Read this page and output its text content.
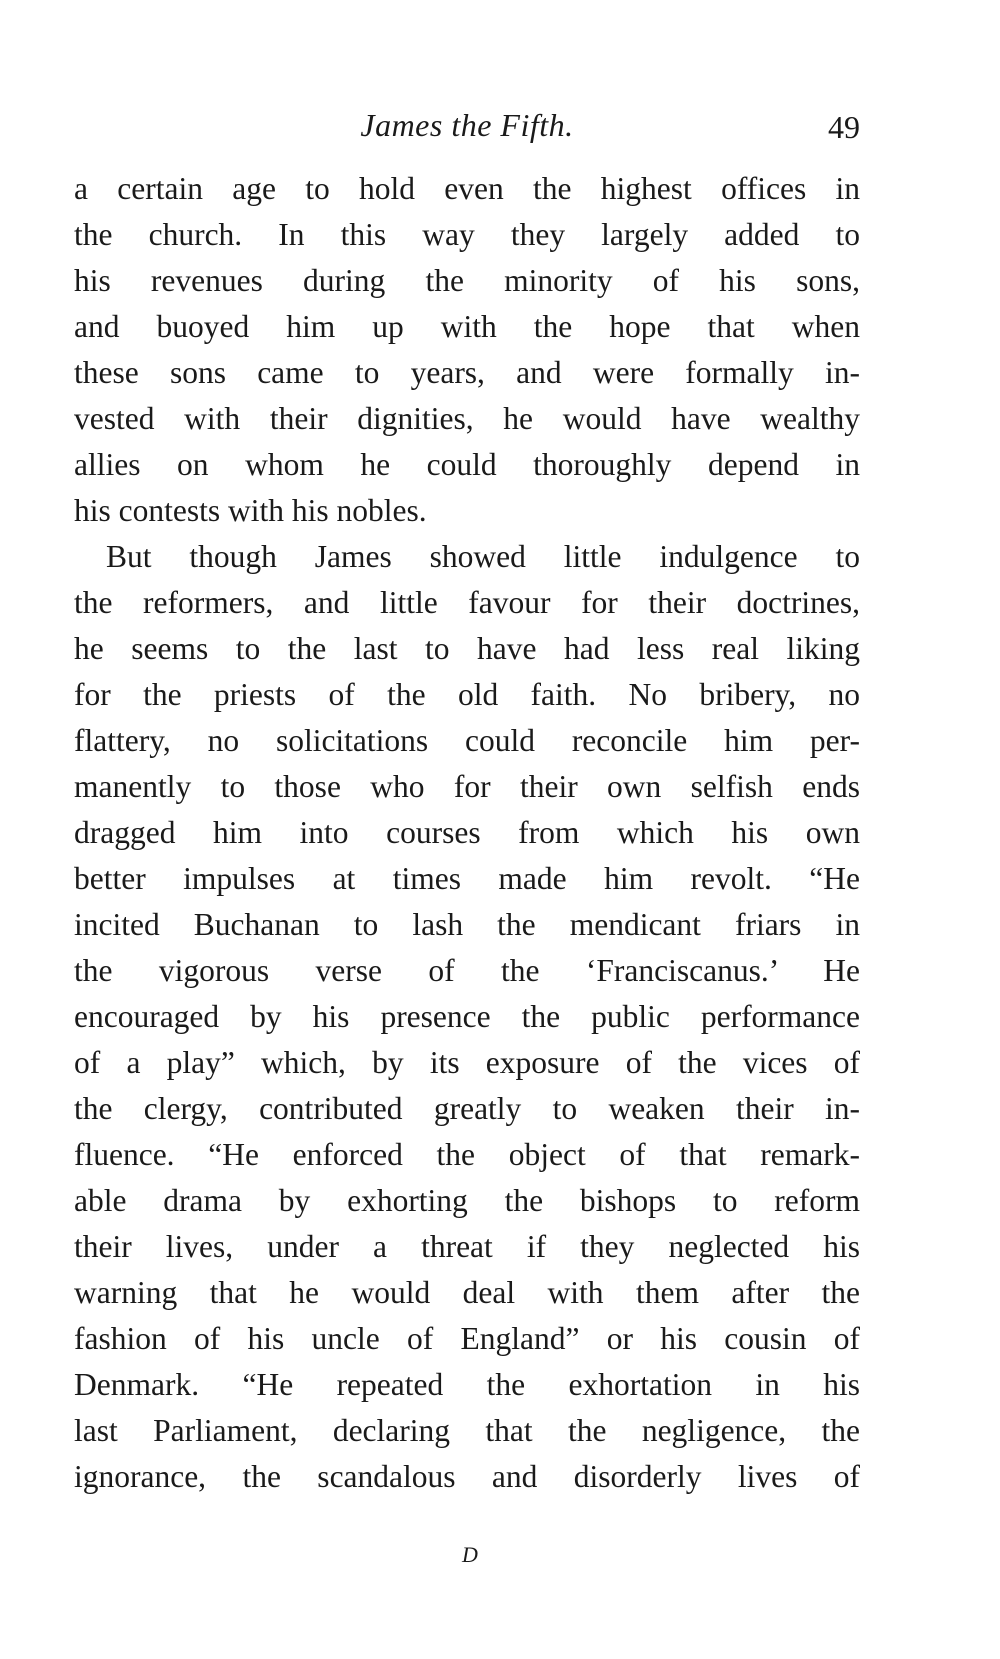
James the Fifth.	49
a certain age to hold even the highest offices in
the church. In this way they largely added to
his revenues during the minority of his sons,
and buoyed him up with the hope that when
these sons came to years, and were formally in-
vested with their dignities, he would have wealthy
allies on whom he could thoroughly depend in
his contests with his nobles.
But though James showed little indulgence to
the reformers, and little favour for their doctrines,
he seems to the last to have had less real liking
for the priests of the old faith. No bribery, no
flattery, no solicitations could reconcile him per-
manently to those who for their own selfish ends
dragged him into courses from which his own
better impulses at times made him revolt. “He
incited Buchanan to lash the mendicant friars in
the vigorous verse of the ‘Franciscanus.’ He
encouraged by his presence the public performance
of a play” which, by its exposure of the vices of
the clergy, contributed greatly to weaken their in-
fluence. “He enforced the object of that remark-
able drama by exhorting the bishops to reform
their lives, under a threat if they neglected his
warning that he would deal with them after the
fashion of his uncle of England” or his cousin of
Denmark. “He repeated the exhortation in his
last Parliament, declaring that the negligence, the
ignorance, the scandalous and disorderly lives of
D
